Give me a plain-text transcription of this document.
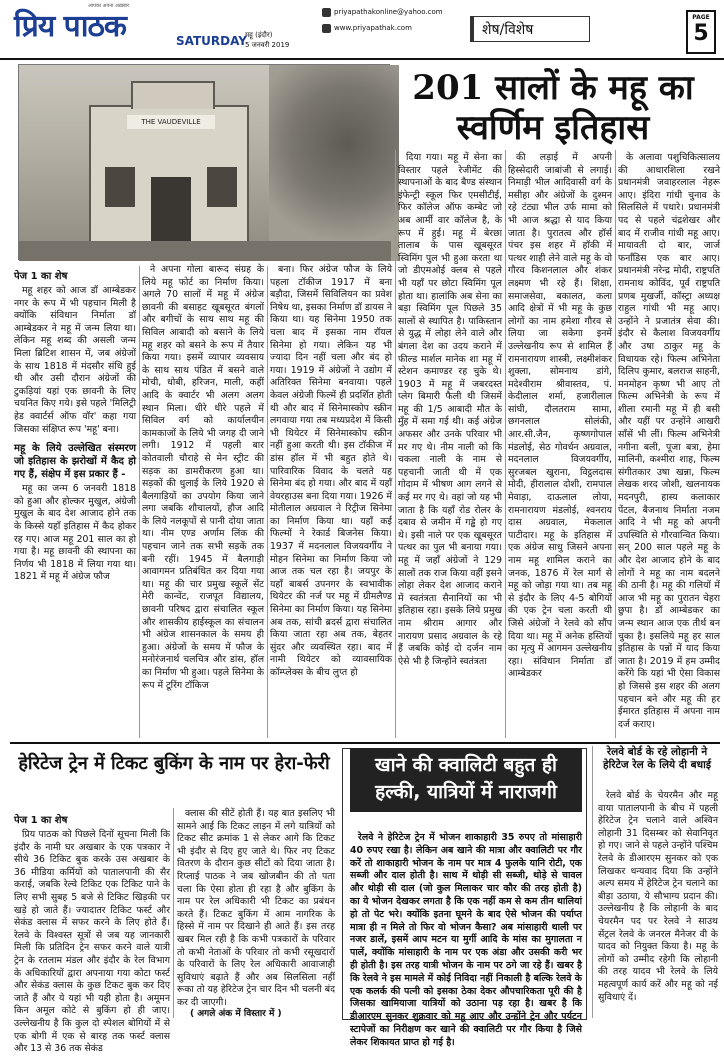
प्रिय पाठक
आपका अपना अख़बार
SATURDAY
महू (इंदौर)
5 जनवरी 2019
priyapathakonline@yahoo.com
www.priyapathak.com	शेष/विशेष
PAGE
5
THE VAUDEVILLE
201 सालों के महू का स्वर्णिम इतिहास
पेज 1 का शेष

महू शहर को आज डॉ आम्बेडकर नगर के रूप में भी पहचान मिली है क्योंकि संविधान निर्माता डॉ आम्बेडकर ने महू में जन्म लिया था। लेकिन महू शब्द की असली जन्म मिला ब्रिटिश शासन में, जब अंग्रेजों के साथ 1818 में मंदसौर संधि हुई थी और उसी दौरान अंग्रेजों की टुकड़ियां यहां एक छावनी के लिए चयनित किए गये। इसे पहले 'मिलिट्री हेड क्वार्टर्स ऑफ वॉर' कहा गया जिसका संक्षिप्त रूप 'महू' बना।

महू के लिये उल्लेखित संस्मरण जो इतिहास के झरोखों में कैद हो गए हैं, संक्षेप में इस प्रकार हैं -

महू का जन्म 6 जनवरी 1818 को हुआ और होल्कर मुखुल, अंग्रेजी मुखुल के बाद देश आजाद होने तक के किस्से यहाँ इतिहास में कैद होकर रह गए। आज महू 201 साल का हो गया है। महू छावनी की स्थापना का निर्णय भी 1818 में लिया गया था। 1821 में महू में अंग्रेज फौज

ने अपना गोला बारूद संग्रह के लिये महू फोर्ट का निर्माण किया। अगले 70 सालों में महू में अंग्रेज छावनी की बसाहट खूबसूरत बंगलों और बगीचों के साथ साथ महू की सिविल आबादी को बसाने के लिये महू शहर को बसने के रूप में तैयार किया गया। इसमें व्यापार व्यवसाय के साथ साथ पंडित में बसने वाले मोची, धोबी, हरिजन, माली, कहीं आदि के क्वार्टर भी अलग अलग स्थान मिला। धीरे धीरे पहले में सिविल वर्ग को कार्यालयीन कामकाजों के लिये भी जगह दी जाने लगी। 1912 में पहली बार कोतवाली चौराहे से मेन स्ट्रीट की सड़क का डामरीकरण हुआ था। सड़कों की धुलाई के लिये 1920 से बैलगाड़ियों का उपयोग किया जाने लगा जबकि शौचालयों, हौज आदि के लिये नलकूपों से पानी दोया जाता था। नीम एण्ड अर्णाम लिंक की पहचान जाने तक सभी सड़कें तक बनी रहीं। 1945 में बैलगाड़ी आवागमन प्रतिबंधित कर दिया गया था। महू की चार प्रमुख स्कूलें सेंट मेरी कान्वेंट, राजपूत विद्यालय, छावनी परिषद द्वारा संचालित स्कूल और शासकीय हाईस्कूल का संचालन भी अंग्रेज शासनकाल के समय ही हुआ। अंग्रेजों के समय में फौज के मनोरंजनार्थ चलचित्र और डांस, हॉल का निर्माण भी हुआ। पहले सिनेमा के रूप में टूरिंग टॉकिज

बना। फिर अंग्रेज फौज के लिये पहला टॉकीज 1917 में बना बड़ौदा, जिसमें सिविलियन का प्रवेश निषेध था, इसका निर्माण डॉ डायस ने किया था। यह सिनेमा 1950 तक चला बाद में इसका नाम रॉयल सिनेमा हो गया। लेकिन यह भी ज्यादा दिन नहीं चला और बंद हो गया। 1919 में अंग्रेजों ने उद्योग में अतिरिक्त सिनेमा बनवाया। पहले केवल अंग्रेजी फिल्में ही प्रदर्शित होती थी और बाद में सिनेमास्कोप स्क्रीन लगवाया गया तब मध्यप्रदेश में किसी भी थियेटर में सिनेमास्कोप स्क्रीन नहीं हुआ करती थी। इस टॉकीज में डांस हॉल में भी बहुत होते थे। पारिवारिक विवाद के चलते यह सिनेमा बंद हो गया। और बाद में यहाँ वेयरहाउस बना दिया गया। 1926 में मोतीलाल अग्रवाल ने रिट्रीज सिनेमा का निर्माण किया था। यहाँ कई फिल्मों ने रेकार्ड बिजनेस किया। 1937 में मदनलाल विजयवर्गीय ने मोहन सिनेमा का निर्माण किया जो आज तक चल रहा है। जयपुर के यहाँ बाबर्स उपनगर के स्वभावीक थियेटर की नर्ज पर महू में ग्रीमलैण्ड सिनेमा का निर्माण किया। यह सिनेमा अब तक, सांची ब्रदर्स द्वारा संचालित किया जाता रहा अब तक, बेहतर सुंदर और व्यवस्थित रहा। बाद में नामी थियेटर को व्यावसायिक कॉम्प्लेक्स के बीच लुप्त हो

दिया गया। महू में सेना का विस्तार पहले रेजीमेंट की स्थापनाओं के बाद बैण्ड संस्थान इंफेन्ट्री स्कूल फिर एमसीटीई, फिर कॉलेज ऑफ कम्बेट जो अब आर्मी वार कॉलेज है, के रूप में हुई। महू में बेरछा तालाब के पास खूबसूरत स्विमिंग पुल भी हुआ करता था जो डीएमओई क्लब से पहले भी यहाँ पर छोटा स्विमिंग पूल होता था। हालांकि अब सेना का बड़ा स्विमिंग पूल पिछले 35 सालों से स्थापित है। पाकिस्तान से युद्ध में लोहा लेने वाले और बंगला देश का उदय कराने में फील्ड मार्शल मानेक शा महू में स्टेशन कमाण्डर रह चुके थे। 1903 में महू में जबरदस्त प्लेग बिमारी फैली थी जिसमें महू की 1/5 आबादी मौत के मुँह में समा गई थी। कई अंग्रेज अफसर और उनके परिवार भी मर गए थे। नीम नाली को कि चकला नाली के नाम से पहचानी जाती थी में एक गोदाम में भीषण आग लगने से कई मर गए थे। वहां जो यह भी जाता है कि यहाँ रोड रोलर के दबाव से जमीन में गड्ढे हो गए थे। इसी नाले पर एक खूबसूरत पत्थर का पुल भी बनाया गया। महू में जहाँ अंग्रेजों ने 129 सालों तक राज किया वहीं इसने लोहा लेकर देश आजाद कराने में स्वतंत्रता सैनानियों का भी इतिहास रहा। इसके लिये प्रमुख नाम श्रीराम आगार और नारायण प्रसाद अग्रवाल के रहे हैं जबकि कोई दो दर्जन नाम ऐसे भी है जिन्होंने स्वतंत्रता

की लड़ाई में अपनी हिस्सेदारी जाबांजी से लगाई। निमाड़ी भील आदिवासी वर्ग के मसीहा और अंग्रेजों के दुश्मन रहे टंट्या भील उर्फ मामा को भी आज श्रद्धा से याद किया जाता है। पुरातत्व और हॉर्स पंचर इस शहर में हॉकी में पत्थर शाही लेने वाले महू के वो गौरव किशनलाल और शंकर लक्ष्मण भी रहे हैं। शिक्षा, समाजसेवा, बकालत, कला आदि क्षेत्रों में भी महू के कुछ लोगों का नाम हमेशा गौरव से लिया जा सकेगा इनमें उल्लेखनीय रूप से शामिल हैं रामनारायण शास्त्री, लक्ष्मीशंकर शुक्ला, सोमनाथ डांगे, मदेश्वीराम श्रीवास्तव, पं. केदीलाल शर्मा, हजारीलाल सांघी, दौलतराम सामा, छगनलाल सोलंकी, आर.सी.जैन, कृष्णगोपाल मंडलोई, सेठ गोवर्धन अग्रवाल, मदनलाल विजयवर्गीय, सुरजबल खुराना, विट्ठलदास मोदी, हीरालाल दोशी, रामपाल मेवाड़ा, दाऊलाल लोया, रामनारायण मंडलोई, श्वनराय दास अग्रवाल, मेकलाल पाटीदार। महू के इतिहास में एक अंग्रेज साधु जिसने अपना नाम महू शामिल कराने का जनक, 1876 में रेल मार्ग से महू को जोड़ा गया था। तब महू से इंदौर के लिए 4-5 बोगियों की एक ट्रेन चला करती थी जिसे अंग्रेजों ने रेलवे को सौंप दिया था। महू में अनेक हस्तियों का मृत्यु में आगमन उल्लेखनीय रहा। संविधान निर्माता डॉ आम्बेडकर

के अलावा पशुचिकित्सालय की आधारशिला रखने प्रधानमंत्री जवाहरलाल नेहरू आए। इंदिरा गांधी चुनाव के सिलसिले में पधारे। प्रधानमंत्री पद से पहले चंद्रशेखर और बाद में राजीव गांधी महू आए। मायावती दो बार, जार्ज फर्नांडिस एक बार आए। प्रधानमंत्री नरेन्द्र मोदी, राष्ट्रपति रामनाथ कोविंद, पूर्व राष्ट्रपति प्रणब मुखर्जी, कॉस्ट्रा अध्यक्ष राहुल गांधी भी महू आए। उन्होंने ने प्रजातंत्र सेवा की। इंदौर से कैलाश विजयवर्गीय और उषा ठाकुर महू के विधायक रहे। फिल्म अभिनेता दिलिप कुमार, बलराज साहनी, मनमोहन कृष्ण भी आए तो फिल्म अभिनेत्री के रूप में शीला रमानी महू में ही बसी और यहीं पर उन्होंने आखरी साँसें भी लीं। फिल्म अभिनेत्री नगीना बली, पूजा बत्रा, हेमा मालिनी, कश्मीरा शाह, फिल्म संगीतकार उषा खन्ना, फिल्म लेखक शरद जोशी, खलनायक मदनपुरी, हास्य कलाकार पेंटल, बैजनाथ निर्माता नजम आदि ने भी महू को अपनी उपस्थिति से गौरवान्वित किया। सन् 200 साल पहले महू के और देश आजाद होने के बाद लोगों ने महू का नाम बदलने की ठानी है। महू की गलियों में आज भी महू का पुरातन चेहरा छुपा है। डॉ आम्बेडकर का जन्म स्थान आज एक तीर्थ बन चुका है। इसलिये महू हर साल इतिहास के पन्नों में याद किया जाता है। 2019 में हम उम्मीद करेंगे कि यहां भी ऐसा विकास हो जिससे इस शहर की अलग पहचान बने और महू की हर ईमारत इतिहास में अपना नाम दर्ज कराए।

हेरिटेज ट्रेन में टिकट बुकिंग के नाम पर हेरा-फेरी
पेज 1 का शेष

प्रिय पाठक को पिछले दिनों सूचना मिली कि इंदौर के नामी घर अखबार के एक पत्रकार ने सीधे 36 टिकिट बुक करके उस अखबार के 36 मीडिया कर्मियों को पातालपानी की सैर कराई, जबकि रेल्वे टिकिट एक टिकिट पाने के लिए सभी सुबह 5 बजे से टिकिट खिड़की पर खड़े हो जाते हैं। ज्यादातर टिकिट फर्स्ट और सेकंड क्लास में सफर करने के लिए होते हैं। रेलवे के विश्वस्त सूत्रों से जब यह जानकारी मिली कि प्रतिदिन ट्रेन सफर करने वाले यात्री ट्रेन के रतलाम मंडल और इंदौर के रेल विभाग के अधिकारियों द्वारा अपनाया गया कोटा फर्स्ट और सेकंड क्लास के कुछ टिकट बुक कर दिए जाते हैं और ये यहां भी यही होता है। अमूमन किन अमूल कोटे से बुकिंग हो ही जाए। उल्लेखनीय है कि कुल दो स्पेशल बोगियों में से एक बोगी में एक से बारह तक फर्स्ट क्लास और 13 से 36 तक सेकंड

क्लास की सीटें होती हैं। यह बात इसलिए भी सामने आई कि टिकट लाइन में लगे यात्रियों को टिकट सीट क्रमांक 1 से लेकर आगे कि टिकट भी इंदौर से दिए हुए जाते थे। फिर नए टिकट वितरण के दौरान कुछ सीटों को दिया जाता है। रिप्लाई पाठक ने जब खोजबीन की तो पता चला कि ऐसा होता ही रहा है और बुकिंग के नाम पर रेल अधिकारी भी टिकट का प्रबंधन करते हैं। टिकट बुकिंग में आम नागरिक के हिस्से में नाम पर दिखाने ही आते हैं। इस तरह खबर मिल रही है कि कभी पत्रकारों के परिवार तो कभी नेताओं के परिवार तो कभी रसूखदारों के परिवारों के लिए रेल अधिकारी आवाजाही सुविधाएं बढ़ाते हैं और अब सिलसिला नहीं रूका तो यह हेरिटेज ट्रेन चार दिन भी चलनी बंद कर दी जाएगी।

( अगले अंक में विस्तार में )
खाने की क्वालिटी बहुत ही हल्की, यात्रियों में नाराजगी

रेलवे ने हेरिटेज ट्रेन में भोजन शाकाहारी 35 रुपए तो मांसाहारी 40 रुपए रखा है। लेकिन अब खाने की मात्रा और क्वालिटी पर गौर करें तो शाकाहारी भोजन के नाम पर मात्र 4 फुलके यानि रोटी, एक सब्जी और दाल होती है। साथ में थोड़ी सी सब्जी, थोड़े से चावल और थोड़ी सी दाल (जो कुल मिलाकर चार कौर की तरह होती है) का ये भोजन देखकर लगता है कि एक नहीं कम से कम तीन थालियां हो तो पेट भरे। क्योंकि इतना घूमने के बाद ऐसे भोजन की पर्याप्त मात्रा ही न मिले तो फिर वो भोजन कैसा? अब मांसाहारी थाली पर नजर डालें, इसमें आप मटन या मुर्गी आदि के मांस का मुगालता न पालें, क्योंकि मांसाहारी के नाम पर एक अंडा और उसकी करी भर ही होती है। इस तरह यात्री भोजन के नाम पर ठगे जा रहे हैं। खबर है कि रेलवे ने इस मामले में कोई निविदा नहीं निकाली है बल्कि रेलवे के एक कलर्क की पत्नी को इसका ठेका देकर औपचारिकता पूरी की है जिसका खामियाजा यात्रियों को उठाना पड़ रहा है। खबर है कि डीआरएम सुनकर शुक्रवार को महू आए और उन्होंने ट्रेन और पर्यटन स्टापेजों का निरीक्षण कर खाने की क्वालिटी पर गौर किया है जिसे लेकर शिकायत प्राप्त हो गई है।

रेलवे बोर्ड के रहे लोहानी ने हेरिटेज रेल के लिये दी बधाई

रेलवे बोर्ड के चेयरमैन और महू वाया पातालपानी के बीच में पहली हेरिटेज ट्रेन चलाने वाले अश्विन लोहानी 31 दिसम्बर को सेवानिवृत हो गए। जाने से पहले उन्होंने पश्चिम रेलवे के डीआरएम सुनकर को एक लिखकर धन्यवाद दिया कि उन्होंने अल्प समय में हेरिटेज ट्रेन चलाने का बीड़ा उठाया, ये सौभाग्य प्रदान की। उल्लेखनीय है कि लोहानी के बाद चेयरमैन पद पर रेलवे ने साउथ सेंट्रल रेलवे के जनरल मैनेजर वी के यादव को नियुक्त किया है। महू के लोगों को उम्मीद रहेगी कि लोहानी की तरह यादव भी रेलवे के लिये महत्वपूर्ण कार्य करें और महू को नई सुविधाएं दें।
